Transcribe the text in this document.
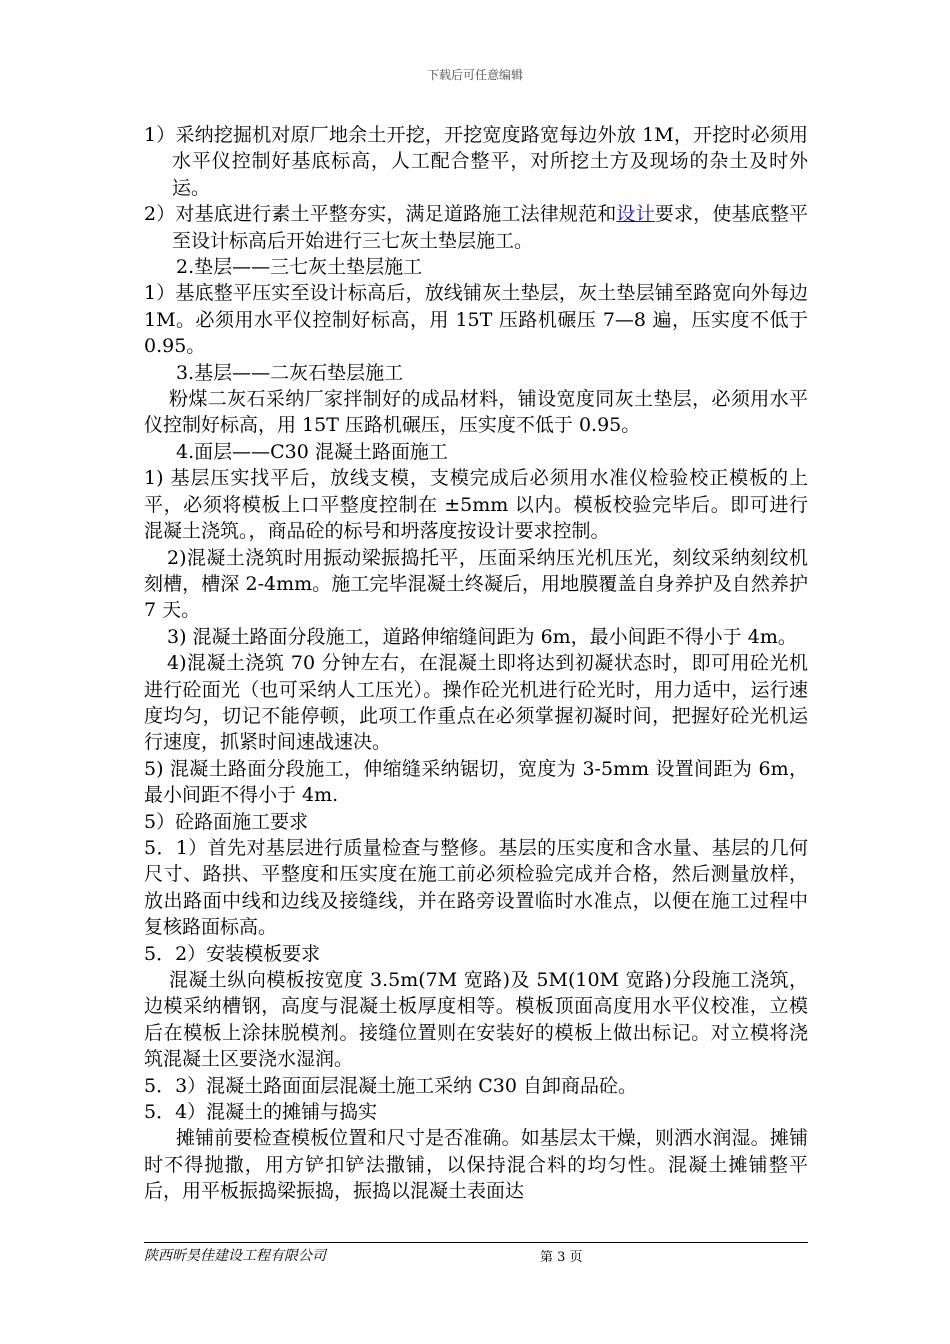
下载后可任意编辑

1）采纳挖掘机对原厂地余土开挖，开挖宽度路宽每边外放 1M，开挖时必须用水平仪控制好基底标高，人工配合整平，对所挖土方及现场的杂土及时外运。

2）对基底进行素土平整夯实，满足道路施工法律规范和设计要求，使基底整平至设计标高后开始进行三七灰土垫层施工。

2.垫层——三七灰土垫层施工

1）基底整平压实至设计标高后，放线铺灰土垫层，灰土垫层铺至路宽向外每边 1M。必须用水平仪控制好标高，用 15T 压路机碾压 7—8 遍，压实度不低于 0.95。

3.基层——二灰石垫层施工

粉煤二灰石采纳厂家拌制好的成品材料，铺设宽度同灰土垫层，必须用水平仪控制好标高，用 15T 压路机碾压，压实度不低于 0.95。

4.面层——C30 混凝土路面施工

1) 基层压实找平后，放线支模，支模完成后必须用水准仪检验校正模板的上平，必须将模板上口平整度控制在 ±5mm 以内。模板校验完毕后。即可进行混凝土浇筑。，商品砼的标号和坍落度按设计要求控制。

2)混凝土浇筑时用振动梁振捣托平，压面采纳压光机压光，刻纹采纳刻纹机刻槽，槽深 2-4mm。施工完毕混凝土终凝后，用地膜覆盖自身养护及自然养护 7 天。

3) 混凝土路面分段施工，道路伸缩缝间距为 6m，最小间距不得小于 4m。

4)混凝土浇筑 70 分钟左右，在混凝土即将达到初凝状态时，即可用砼光机进行砼面光（也可采纳人工压光）。操作砼光机进行砼光时，用力适中，运行速度均匀，切记不能停顿，此项工作重点在必须掌握初凝时间，把握好砼光机运行速度，抓紧时间速战速决。

5) 混凝土路面分段施工，伸缩缝采纳锯切，宽度为 3-5mm 设置间距为 6m，最小间距不得小于 4m.

5）砼路面施工要求

5．1）首先对基层进行质量检查与整修。基层的压实度和含水量、基层的几何尺寸、路拱、平整度和压实度在施工前必须检验完成并合格，然后测量放样，放出路面中线和边线及接缝线，并在路旁设置临时水准点，以便在施工过程中复核路面标高。

5．2）安装模板要求

混凝土纵向模板按宽度 3.5m(7M 宽路)及 5M(10M 宽路)分段施工浇筑，边模采纳槽钢，高度与混凝土板厚度相等。模板顶面高度用水平仪校准，立模后在模板上涂抹脱模剂。接缝位置则在安装好的模板上做出标记。对立模将浇筑混凝土区要浇水湿润。

5．3）混凝土路面面层混凝土施工采纳 C30 自卸商品砼。

5．4）混凝土的摊铺与捣实

摊铺前要检查模板位置和尺寸是否准确。如基层太干燥，则洒水润湿。摊铺时不得抛撒，用方铲扣铲法撒铺，以保持混合料的均匀性。混凝土摊铺整平后，用平板振捣梁振捣，振捣以混凝土表面达

陕西昕昊佳建设工程有限公司	第 3 页
